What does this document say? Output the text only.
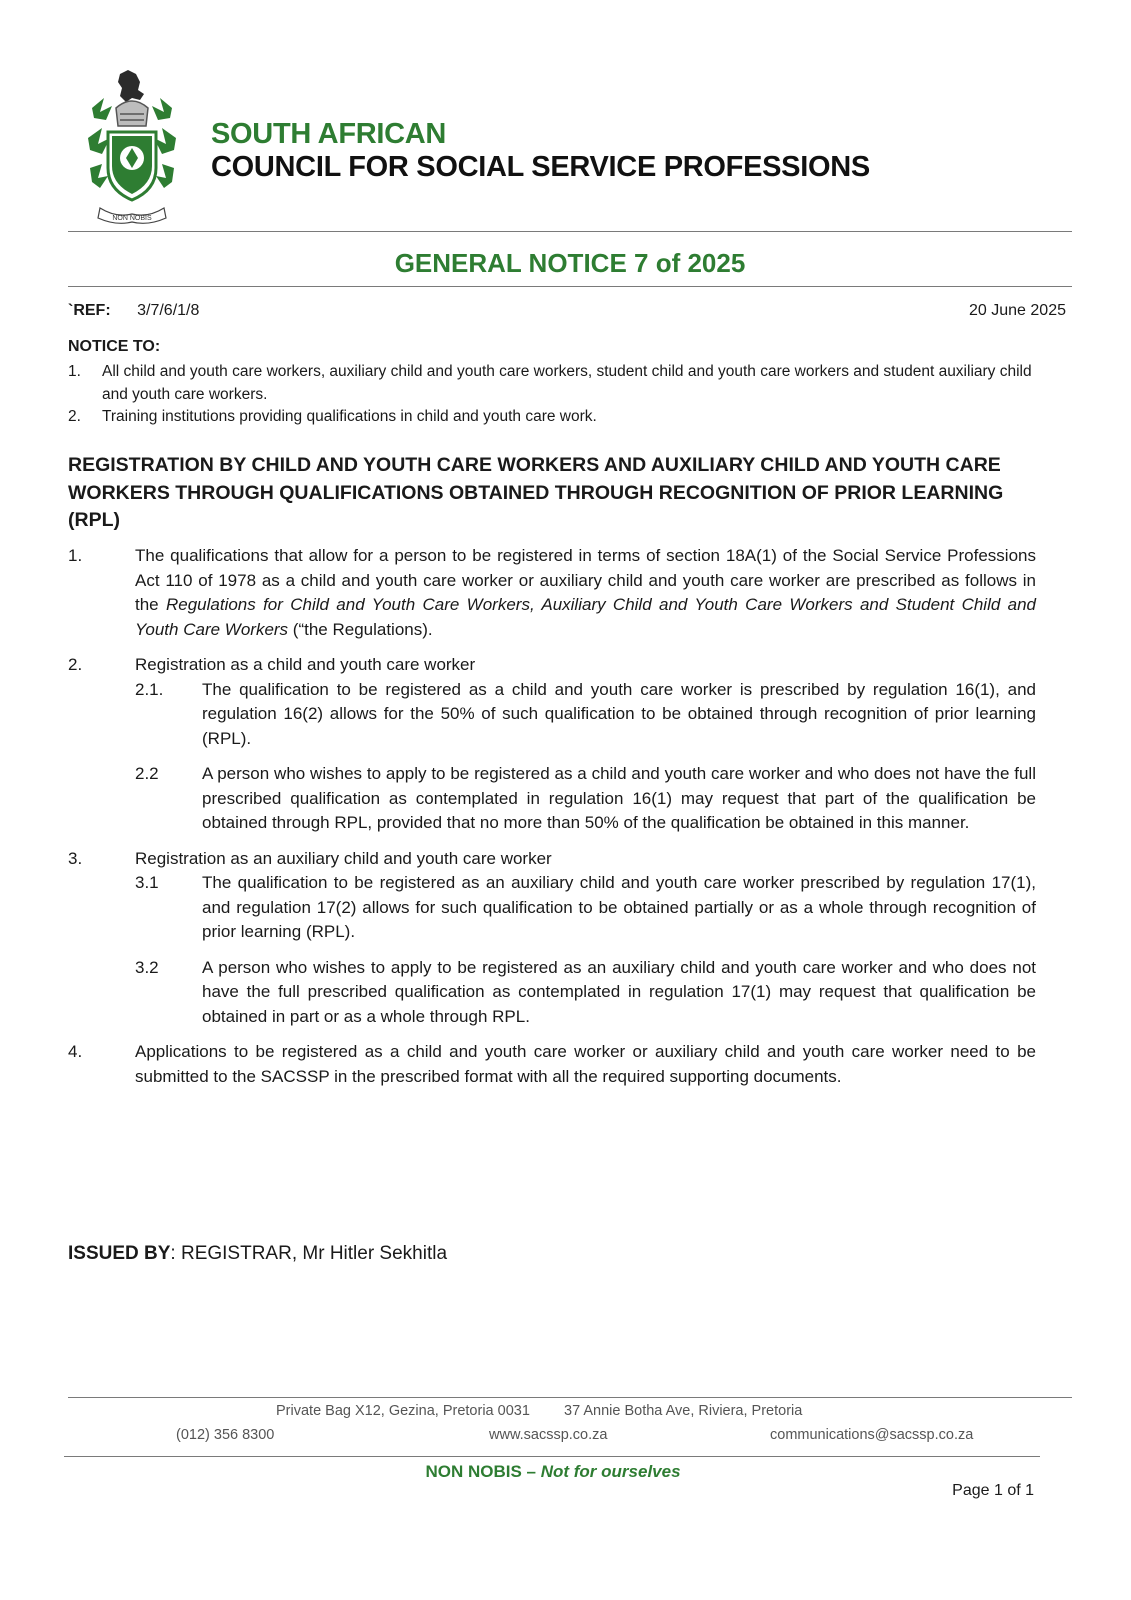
NON NOBIS
SOUTH AFRICAN
COUNCIL FOR SOCIAL SERVICE PROFESSIONS
GENERAL NOTICE 7 of 2025
`REF: 3/7/6/1/8	20 June 2025
NOTICE TO:
1. All child and youth care workers, auxiliary child and youth care workers, student child and youth care workers and student auxiliary child and youth care workers.
2. Training institutions providing qualifications in child and youth care work.
REGISTRATION BY CHILD AND YOUTH CARE WORKERS AND AUXILIARY CHILD AND YOUTH CARE WORKERS THROUGH QUALIFICATIONS OBTAINED THROUGH RECOGNITION OF PRIOR LEARNING (RPL)
1.	The qualifications that allow for a person to be registered in terms of section 18A(1) of the Social Service Professions Act 110 of 1978 as a child and youth care worker or auxiliary child and youth care worker are prescribed as follows in the Regulations for Child and Youth Care Workers, Auxiliary Child and Youth Care Workers and Student Child and Youth Care Workers (“the Regulations).
2.	Registration as a child and youth care worker
2.1. The qualification to be registered as a child and youth care worker is prescribed by regulation 16(1), and regulation 16(2) allows for the 50% of such qualification to be obtained through recognition of prior learning (RPL).
2.2	A person who wishes to apply to be registered as a child and youth care worker and who does not have the full prescribed qualification as contemplated in regulation 16(1) may request that part of the qualification be obtained through RPL, provided that no more than 50% of the qualification be obtained in this manner.
3.	Registration as an auxiliary child and youth care worker
3.1	The qualification to be registered as an auxiliary child and youth care worker prescribed by regulation 17(1), and regulation 17(2) allows for such qualification to be obtained partially or as a whole through recognition of prior learning (RPL).
3.2	A person who wishes to apply to be registered as an auxiliary child and youth care worker and who does not have the full prescribed qualification as contemplated in regulation 17(1) may request that qualification be obtained in part or as a whole through RPL.
4.	Applications to be registered as a child and youth care worker or auxiliary child and youth care worker need to be submitted to the SACSSP in the prescribed format with all the required supporting documents.
ISSUED BY: REGISTRAR, Mr Hitler Sekhitla
Private Bag X12, Gezina, Pretoria 0031 37 Annie Botha Ave, Riviera, Pretoria
(012) 356 8300	www.sacssp.co.za	communications@sacssp.co.za
NON NOBIS – Not for ourselves
Page 1 of 1
